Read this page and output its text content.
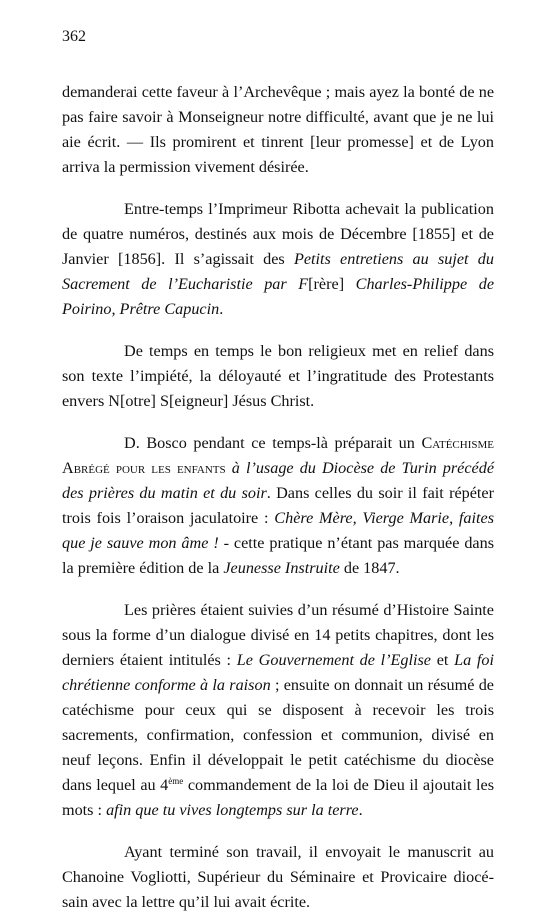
362

demanderai cette faveur à l’Archevêque ; mais ayez la bonté de ne pas faire savoir à Monseigneur notre difficulté, avant que je ne lui aie écrit. — Ils promirent et tinrent [leur promesse] et de Lyon arriva la permission vivement désirée.

Entre-temps l’Imprimeur Ribotta achevait la publication de quatre numéros, destinés aux mois de Décembre [1855] et de Janvier [1856]. Il s’agissait des Petits entretiens au sujet du Sacrement de l’Eucharistie par F[rère] Charles-Philippe de Poirino, Prêtre Capucin.

De temps en temps le bon religieux met en relief dans son texte l’impiété, la déloyauté et l’ingratitude des Protestants envers N[otre] S[eigneur] Jésus Christ.

D. Bosco pendant ce temps-là préparait un Catéchisme Abrégé pour les enfants à l’usage du Diocèse de Turin précédé des prières du matin et du soir. Dans celles du soir il fait répéter trois fois l’oraison jaculatoire : Chère Mère, Vierge Marie, faites que je sauve mon âme ! - cette pratique n’étant pas marquée dans la première édition de la Jeunesse Instruite de 1847.

Les prières étaient suivies d’un résumé d’Histoire Sainte sous la forme d’un dialogue divisé en 14 petits chapitres, dont les derniers étaient intitulés : Le Gouvernement de l’Eglise et La foi chrétienne conforme à la raison ; ensuite on donnait un résumé de catéchisme pour ceux qui se disposent à recevoir les trois sacrements, confirmation, confession et communion, divisé en neuf leçons. Enfin il développait le petit catéchisme du diocèse dans lequel au 4ème commandement de la loi de Dieu il ajoutait les mots : afin que tu vives longtemps sur la terre.

Ayant terminé son travail, il envoyait le manuscrit au Chanoine Vogliotti, Supérieur du Séminaire et Provicaire diocésain avec la lettre qu’il lui avait écrite.
